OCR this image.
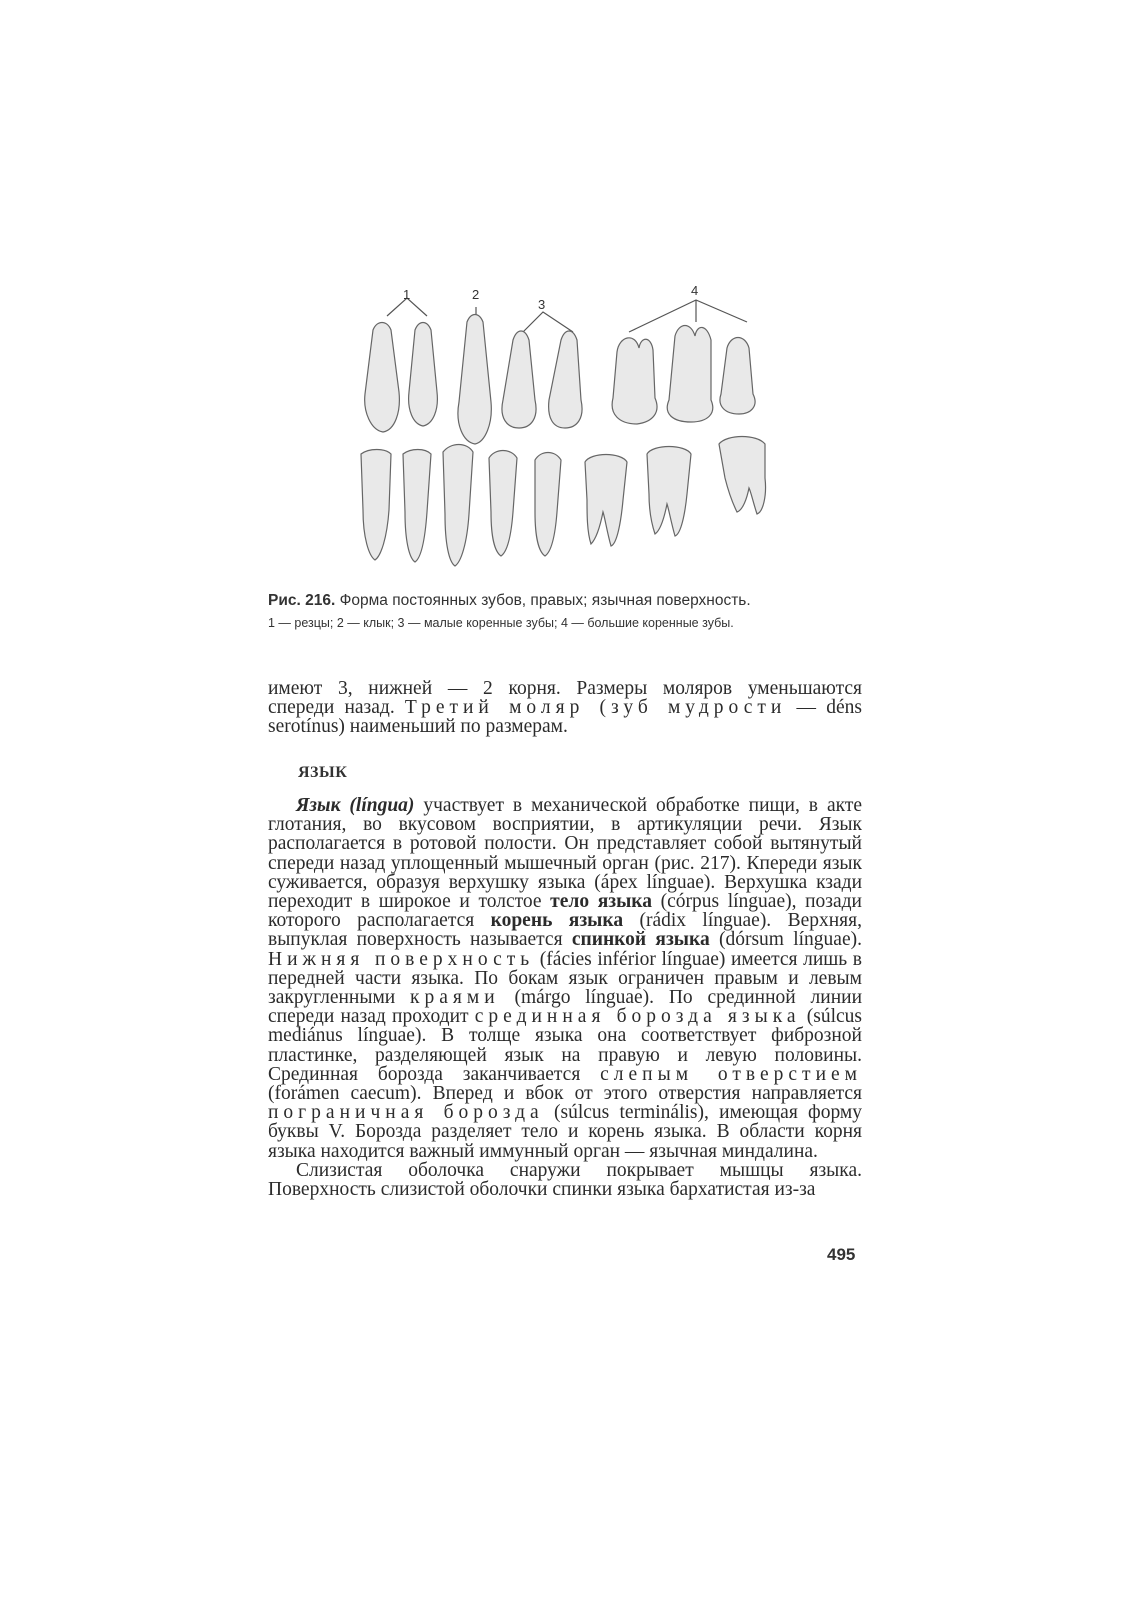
1	2
3
4
Рис. 216. Форма постоянных зубов, правых; язычная поверхность.
1 — резцы; 2 — клык; 3 — малые коренные зубы; 4 — большие коренные зубы.
имеют 3, нижней — 2 корня. Размеры моляров уменьшаются
спереди назад. Третий моляр (зуб мудрости — déns
serotínus) наименьший по размерам.
ЯЗЫК

Язык (língua) участвует в механической обработке пищи, в акте глотания, во вкусовом восприятии, в артикуляции речи. Язык располагается в ротовой полости. Он представляет собой вытянутый спереди назад уплощенный мышечный орган (рис. 217). Кпереди язык суживается, образуя верхушку языка (ápex línguae). Верхушка кзади переходит в широкое и толстое тело языка (córpus línguae), позади которого располагается корень языка (rádix línguae). Верхняя, выпуклая поверхность называется спинкой языка (dórsum línguae). Нижняя поверхность (fácies inférior línguae) имеется лишь в передней части языка. По бокам язык ограничен правым и левым закругленными краями (márgo línguae). По срединной линии спереди назад проходит срединная борозда языка (súlcus mediánus línguae). В толще языка она соответствует фиброзной пластинке, разделяющей язык на правую и левую половины. Срединная борозда заканчивается слепым отверстием (forámen caecum). Вперед и вбок от этого отверстия направляется пограничная борозда (súlcus terminális), имеющая форму буквы V. Борозда разделяет тело и корень языка. В области корня языка находится важный иммунный орган — язычная миндалина.

Слизистая оболочка снаружи покрывает мышцы языка. Поверхность слизистой оболочки спинки языка бархатистая из-за

495
